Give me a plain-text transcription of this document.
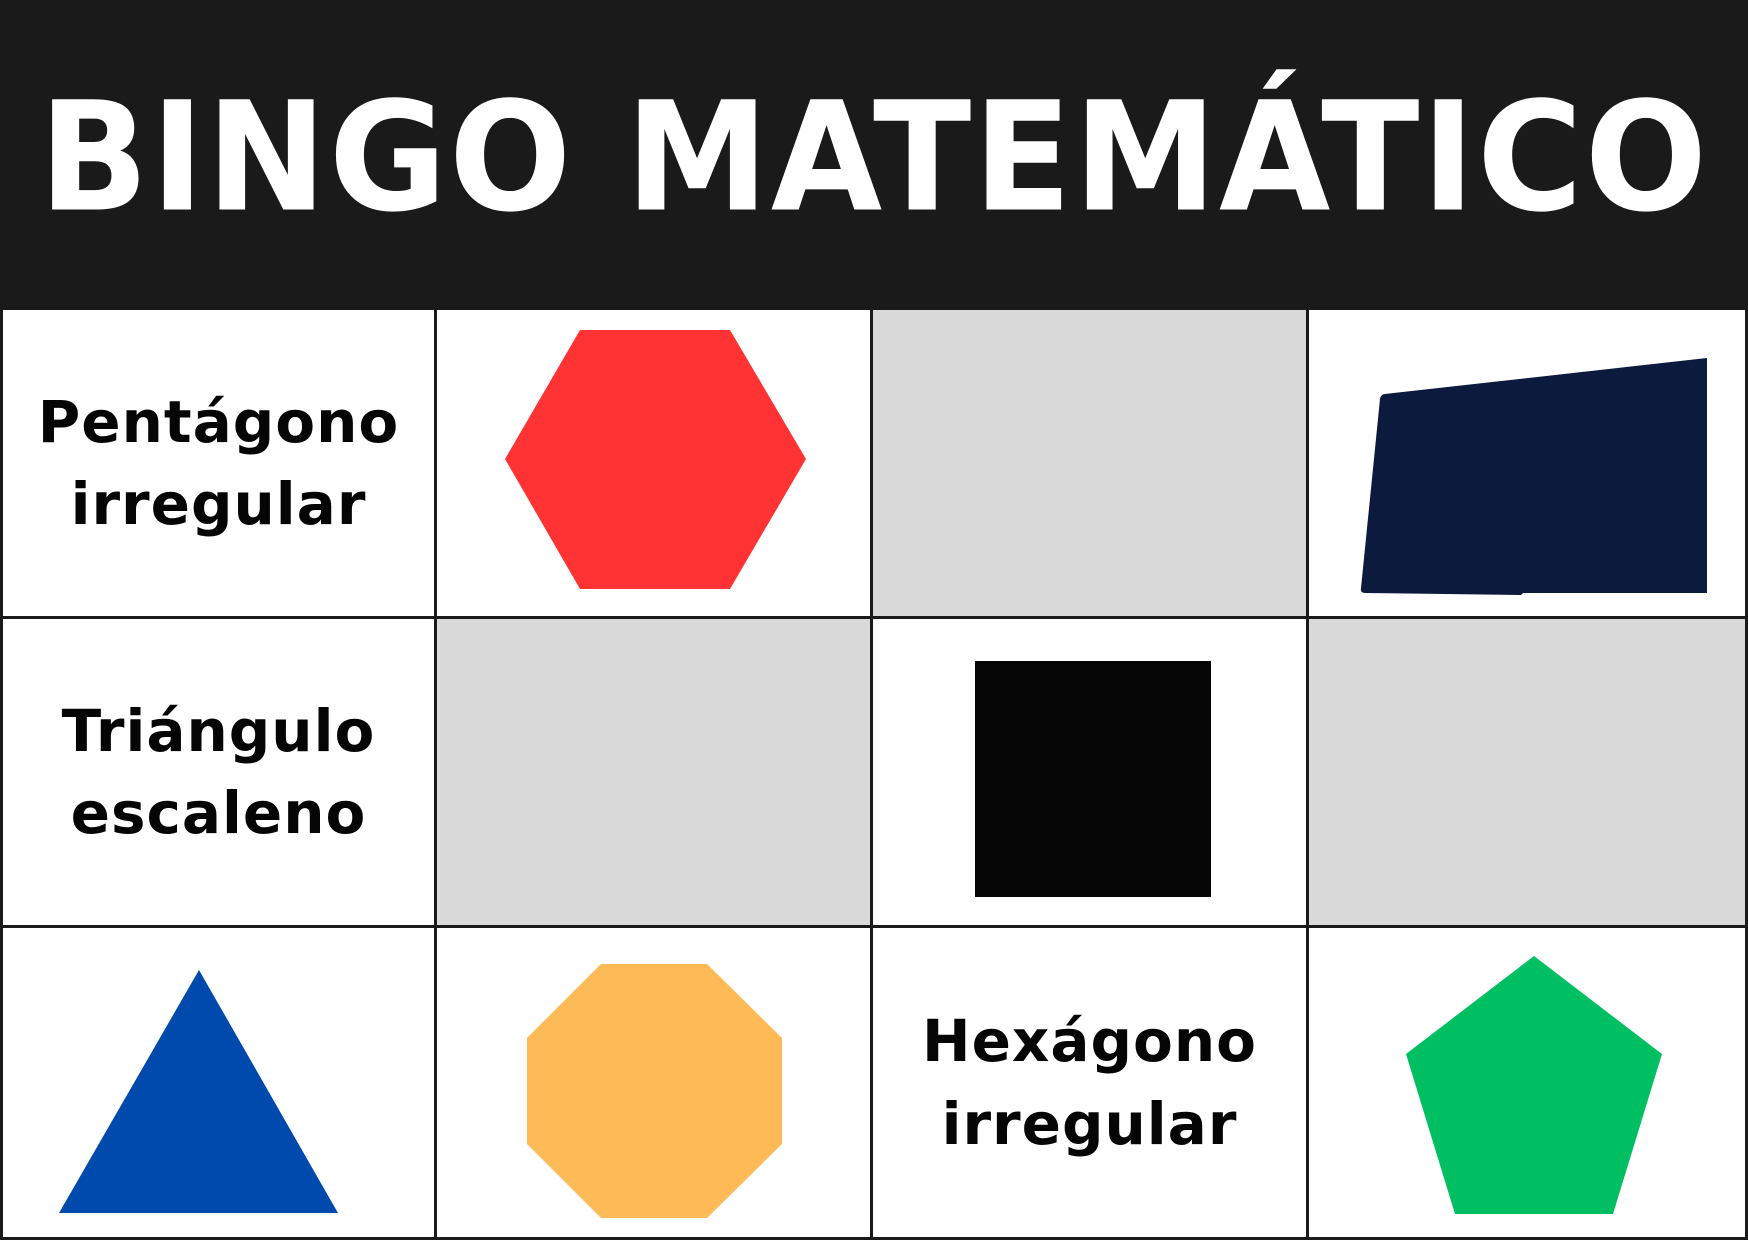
BINGO MATEMÁTICO
Pentágono
irregular
Triángulo
escaleno
Hexágono
irregular
